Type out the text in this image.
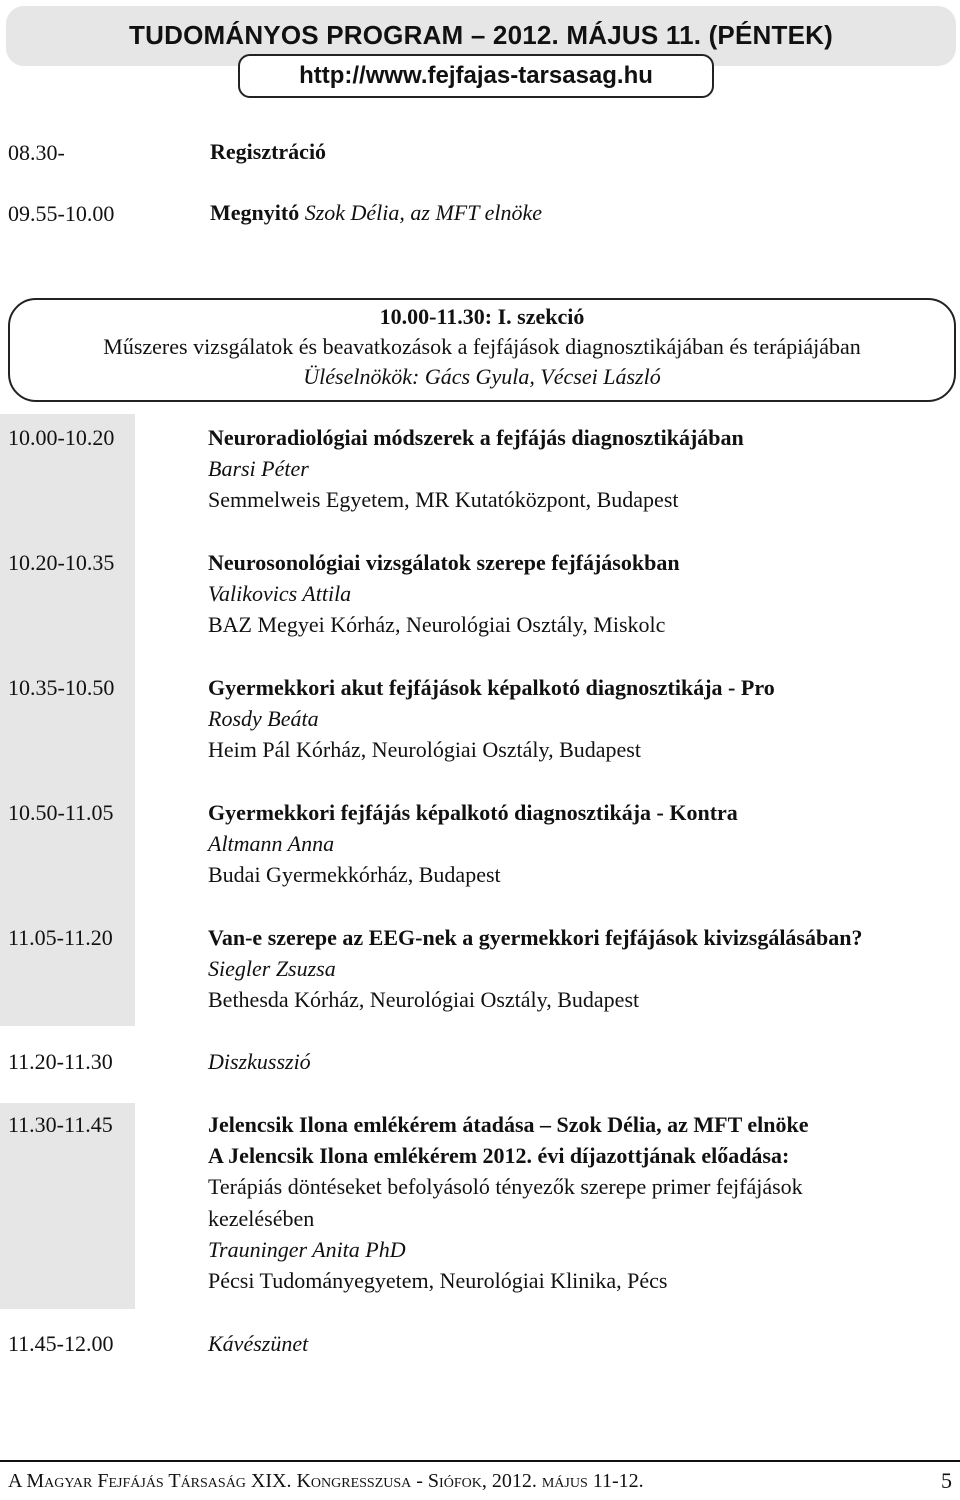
TUDOMÁNYOS PROGRAM – 2012. MÁJUS 11. (PÉNTEK)
http://www.fejfajas-tarsasag.hu
08.30-	Regisztráció
09.55-10.00	Megnyitó Szok Délia, az MFT elnöke
10.00-11.30: I. szekció
Műszeres vizsgálatok és beavatkozások a fejfájások diagnosztikájában és terápiájában
Üléselnökök: Gács Gyula, Vécsei László
10.00-10.20	Neuroradiológiai módszerek a fejfájás diagnosztikájában
Barsi Péter
Semmelweis Egyetem, MR Kutatóközpont, Budapest
10.20-10.35	Neurosonológiai vizsgálatok szerepe fejfájásokban
Valikovics Attila
BAZ Megyei Kórház, Neurológiai Osztály, Miskolc
10.35-10.50	Gyermekkori akut fejfájások képalkotó diagnosztikája - Pro
Rosdy Beáta
Heim Pál Kórház, Neurológiai Osztály, Budapest
10.50-11.05	Gyermekkori fejfájás képalkotó diagnosztikája - Kontra
Altmann Anna
Budai Gyermekkórház, Budapest
11.05-11.20	Van-e szerepe az EEG-nek a gyermekkori fejfájások kivizsgálásában?
Siegler Zsuzsa
Bethesda Kórház, Neurológiai Osztály, Budapest
11.20-11.30	Diszkusszió
11.30-11.45	Jelencsik Ilona emlékérem átadása – Szok Délia, az MFT elnöke
A Jelencsik Ilona emlékérem 2012. évi díjazottjának előadása:
Terápiás döntéseket befolyásoló tényezők szerepe primer fejfájások
kezelésében
Trauninger Anita PhD
Pécsi Tudományegyetem, Neurológiai Klinika, Pécs
11.45-12.00	Kávészünet
A Magyar Fejfájás Társaság XIX. Kongresszusa - Siófok, 2012. május 11-12.	5
